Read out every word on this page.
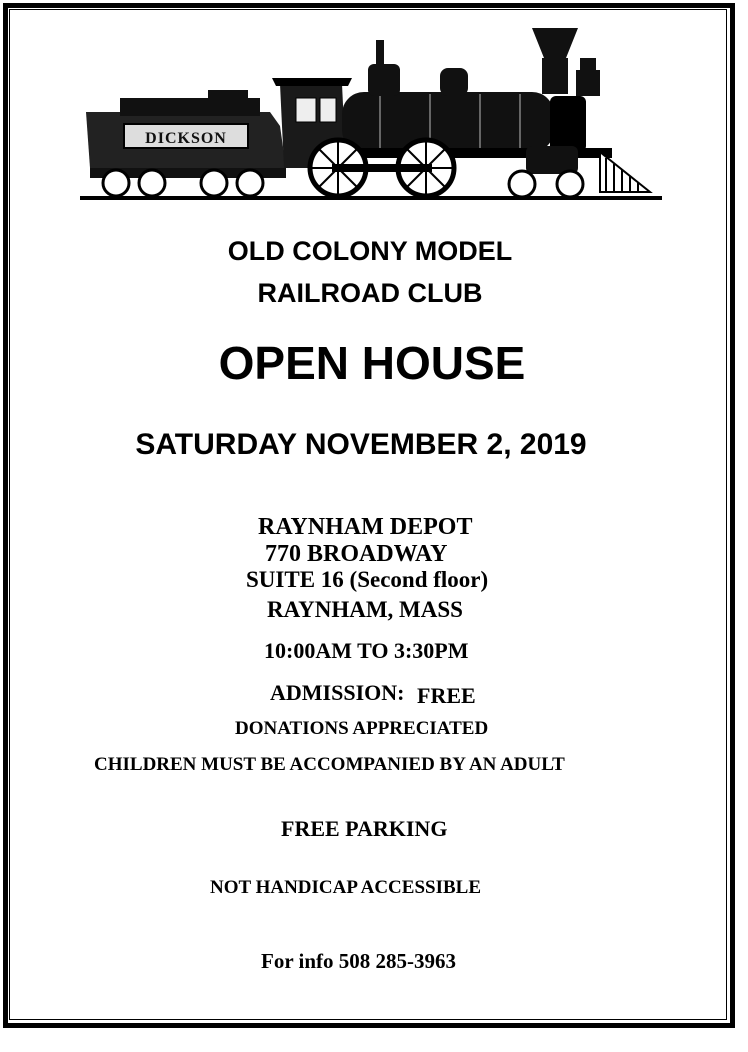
DICKSON
OLD COLONY MODEL
RAILROAD CLUB
OPEN HOUSE
SATURDAY NOVEMBER 2, 2019
RAYNHAM DEPOT
770 BROADWAY
SUITE 16 (Second floor)
RAYNHAM, MASS
10:00AM TO 3:30PM
ADMISSION: FREE
DONATIONS APPRECIATED
CHILDREN MUST BE ACCOMPANIED BY AN ADULT
FREE PARKING
NOT HANDICAP ACCESSIBLE
For info 508 285-3963
